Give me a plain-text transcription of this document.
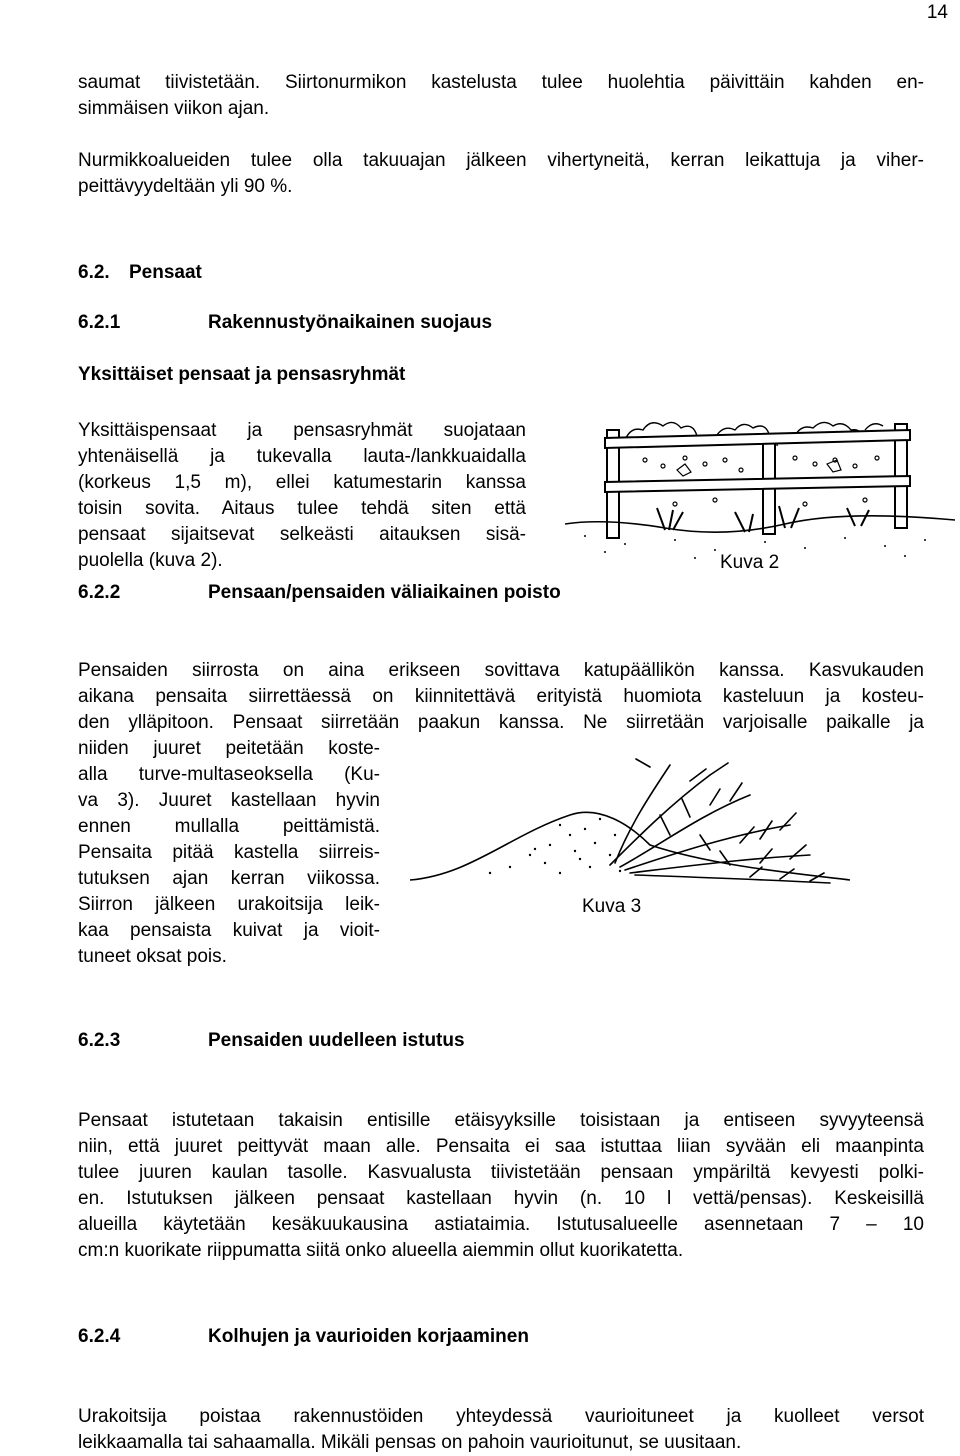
14
saumat tiivistetään. Siirtonurmikon kastelusta tulee huolehtia päivittäin kahden en-
simmäisen viikon ajan.
Nurmikkoalueiden tulee olla takuuajan jälkeen vihertyneitä, kerran leikattuja ja viher-
peittävyydeltään yli 90 %.
6.2. Pensaat
6.2.1	Rakennustyönaikainen suojaus
Yksittäiset pensaat ja pensasryhmät
Yksittäispensaat ja pensasryhmät suojataan
yhtenäisellä ja tukevalla lauta-/lankkuaidalla
(korkeus 1,5 m), ellei katumestarin kanssa
toisin sovita. Aitaus tulee tehdä siten että
pensaat sijaitsevat selkeästi aitauksen sisä-
puolella (kuva 2).	Kuva 2
6.2.2	Pensaan/pensaiden väliaikainen poisto
Pensaiden siirrosta on aina erikseen sovittava katupäällikön kanssa. Kasvukauden
aikana pensaita siirrettäessä on kiinnitettävä erityistä huomiota kasteluun ja kosteu-
den ylläpitoon. Pensaat siirretään paakun kanssa. Ne siirretään varjoisalle paikalle ja
niiden juuret peitetään koste-
alla turve-multaseoksella (Ku-
va 3). Juuret kastellaan hyvin
ennen mullalla peittämistä.
Pensaita pitää kastella siirreis-
tutuksen ajan kerran viikossa.
Siirron jälkeen urakoitsija leik-
kaa pensaista kuivat ja vioit-
tuneet oksat pois.
Kuva 3
6.2.3	Pensaiden uudelleen istutus
Pensaat istutetaan takaisin entisille etäisyyksille toisistaan ja entiseen syvyyteensä
niin, että juuret peittyvät maan alle. Pensaita ei saa istuttaa liian syvään eli maanpinta
tulee juuren kaulan tasolle. Kasvualusta tiivistetään pensaan ympäriltä kevyesti polki-
en. Istutuksen jälkeen pensaat kastellaan hyvin (n. 10 l vettä/pensas). Keskeisillä
alueilla käytetään kesäkuukausina astiataimia. Istutusalueelle asennetaan 7 – 10
cm:n kuorikate riippumatta siitä onko alueella aiemmin ollut kuorikatetta.
6.2.4	Kolhujen ja vaurioiden korjaaminen
Urakoitsija poistaa rakennustöiden yhteydessä vaurioituneet ja kuolleet versot
leikkaamalla tai sahaamalla. Mikäli pensas on pahoin vaurioitunut, se uusitaan.
